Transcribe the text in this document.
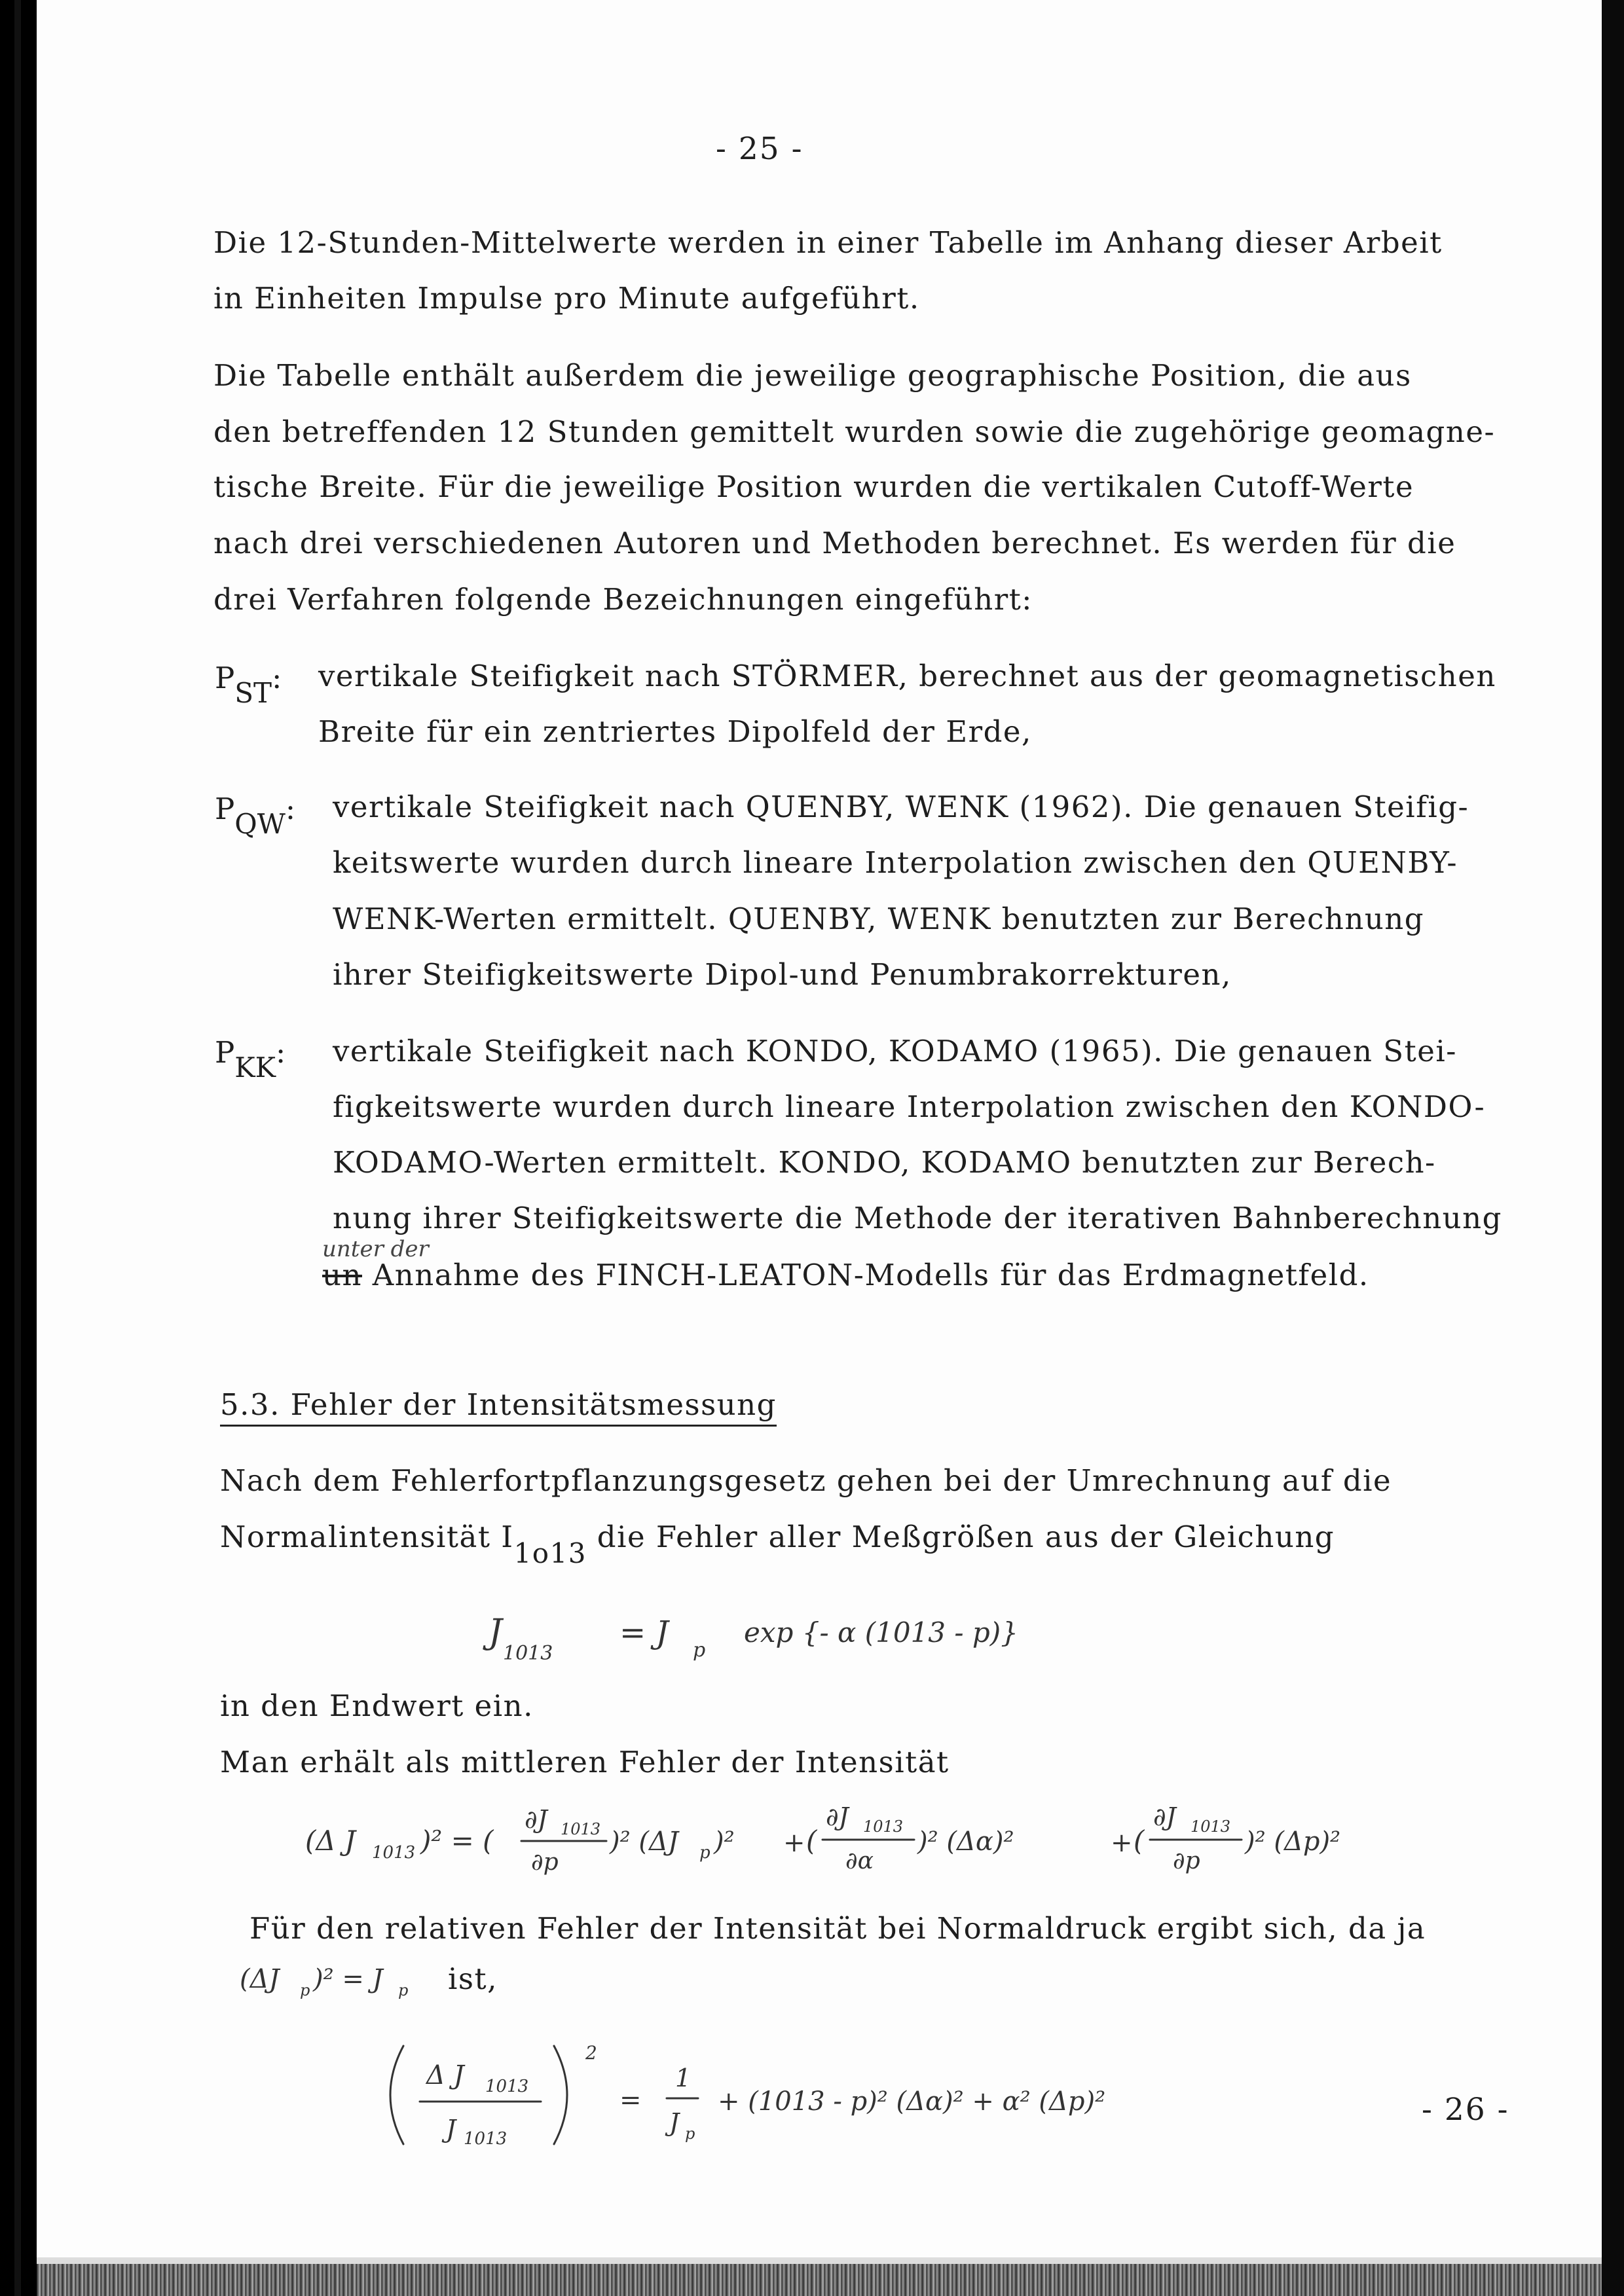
- 25 -
Die 12-Stunden-Mittelwerte werden in einer Tabelle im Anhang dieser Arbeit
in Einheiten Impulse pro Minute aufgeführt.
Die Tabelle enthält außerdem die jeweilige geographische Position, die aus
den betreffenden 12 Stunden gemittelt wurden sowie die zugehörige geomagne-
tische Breite. Für die jeweilige Position wurden die vertikalen Cutoff-Werte
nach drei verschiedenen Autoren und Methoden berechnet. Es werden für die
drei Verfahren folgende Bezeichnungen eingeführt:
$P_{ST}$: vertikale Steifigkeit nach STÖRMER, berechnet aus der geomagnetischen
Breite für ein zentriertes Dipolfeld der Erde,
$P_{QW}$: vertikale Steifigkeit nach QUENBY, WENK (1962). Die genauen Steifig-
keitswerte wurden durch lineare Interpolation zwischen den QUENBY-
WENK-Werten ermittelt. QUENBY, WENK benutzten zur Berechnung
ihrer Steifigkeitswerte Dipol-und Penumbrakorrekturen,
$P_{KK}$: vertikale Steifigkeit nach KONDO, KODAMO (1965). Die genauen Stei-
figkeitswerte wurden durch lineare Interpolation zwischen den KONDO-
KODAMO-Werten ermittelt. KONDO, KODAMO benutzten zur Berech-
nung ihrer Steifigkeitswerte die Methode der iterativen Bahnberechnung
unter der
un Annahme des FINCH-LEATON-Modells für das Erdmagnetfeld.
5.3. Fehler der Intensitätsmessung
Nach dem Fehlerfortpflanzungsgesetz gehen bei der Umrechnung auf die
Normalintensität I1o13 die Fehler aller Meßgrößen aus der Gleichung
J
1013
= J p
exp {- α (1013 - p)}
in den Endwert ein.
Man erhält als mittleren Fehler der Intensität
(Δ J 1013 )² = (
∂J 1013
∂p
)² (ΔJ p )² + (
∂J 1013
∂α
)² (Δα)²	+ (
∂J 1013
∂p
)² (Δp)²
Für den relativen Fehler der Intensität bei Normaldruck ergibt sich, da ja
(ΔJ p )² = J p ist,
Δ J 1013
J 1013
2
=
1
J p
+ (1013 - p)² (Δα)² + α² (Δp)²	- 26 -
